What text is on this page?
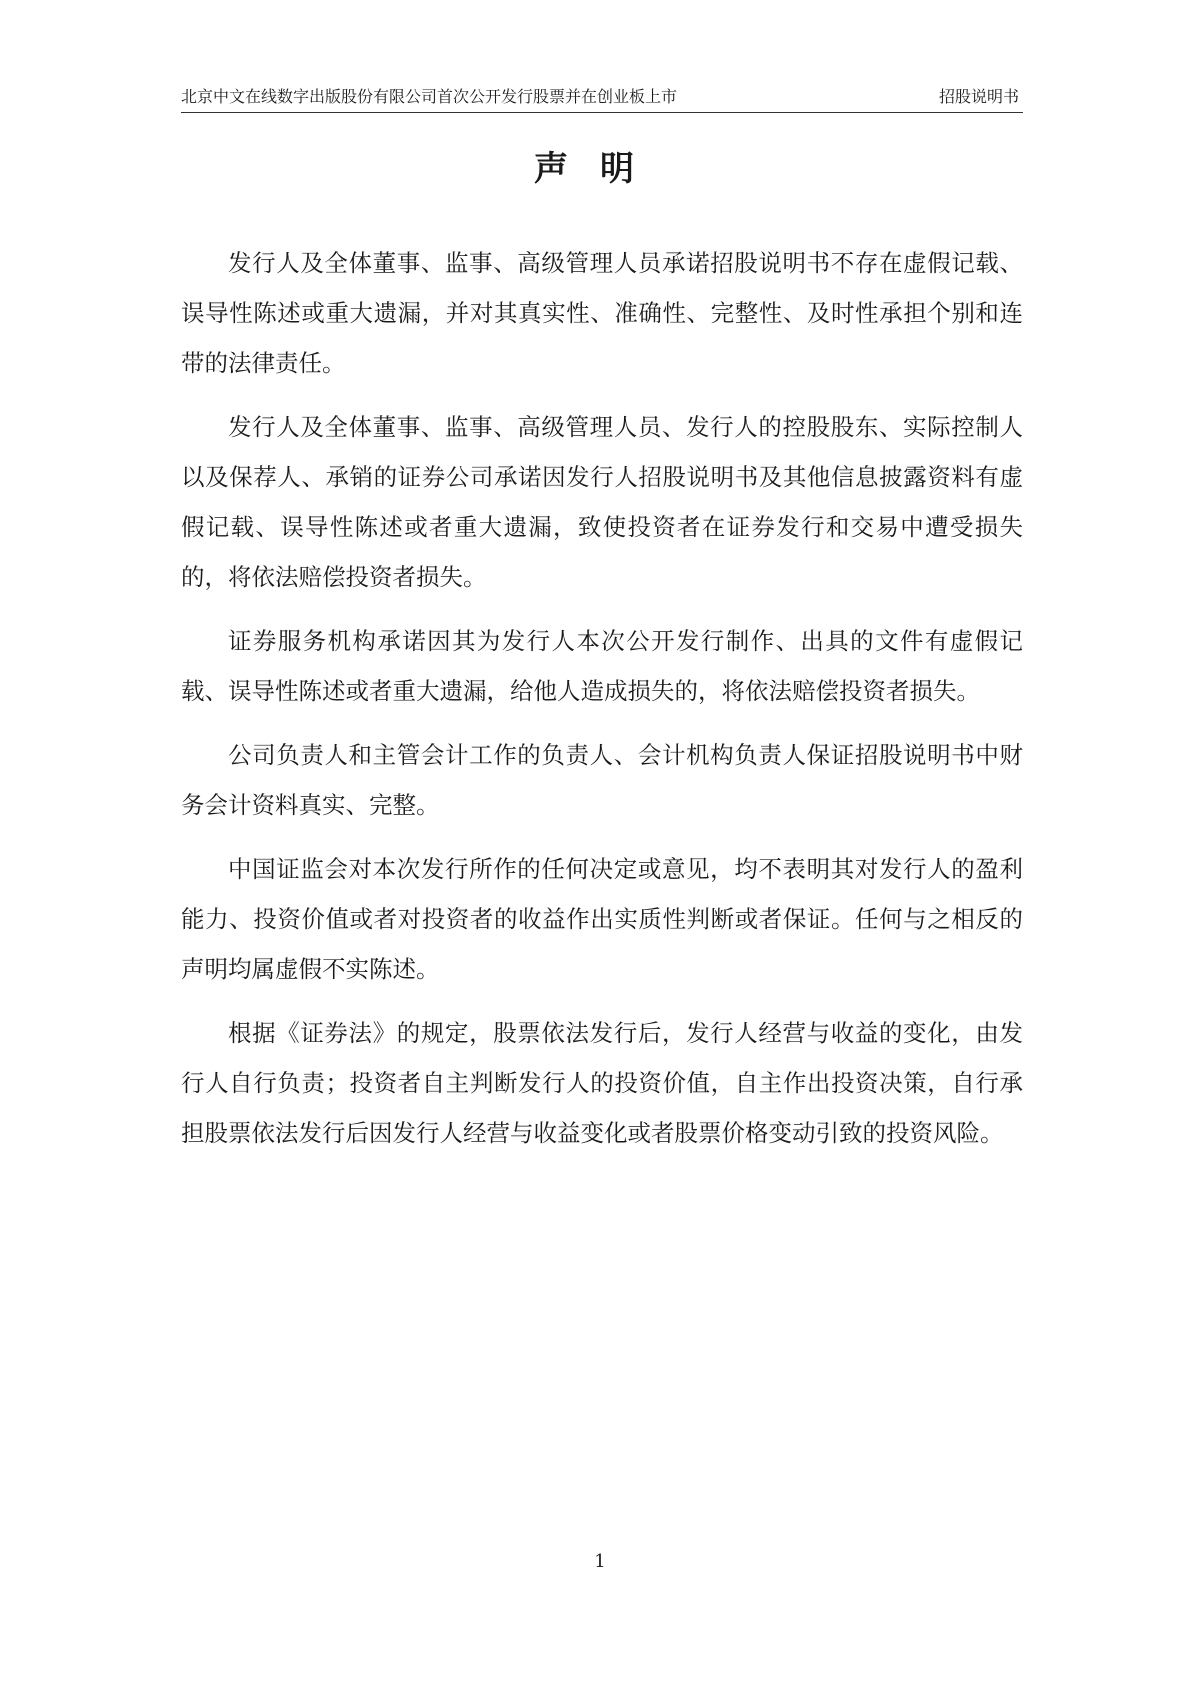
北京中文在线数字出版股份有限公司首次公开发行股票并在创业板上市	招股说明书
声明

发行人及全体董事、监事、高级管理人员承诺招股说明书不存在虚假记载、误导性陈述或重大遗漏，并对其真实性、准确性、完整性、及时性承担个别和连带的法律责任。

发行人及全体董事、监事、高级管理人员、发行人的控股股东、实际控制人以及保荐人、承销的证券公司承诺因发行人招股说明书及其他信息披露资料有虚假记载、误导性陈述或者重大遗漏，致使投资者在证券发行和交易中遭受损失的，将依法赔偿投资者损失。

证券服务机构承诺因其为发行人本次公开发行制作、出具的文件有虚假记载、误导性陈述或者重大遗漏，给他人造成损失的，将依法赔偿投资者损失。

公司负责人和主管会计工作的负责人、会计机构负责人保证招股说明书中财务会计资料真实、完整。

中国证监会对本次发行所作的任何决定或意见，均不表明其对发行人的盈利能力、投资价值或者对投资者的收益作出实质性判断或者保证。任何与之相反的声明均属虚假不实陈述。

根据《证券法》的规定，股票依法发行后，发行人经营与收益的变化，由发行人自行负责；投资者自主判断发行人的投资价值，自主作出投资决策，自行承担股票依法发行后因发行人经营与收益变化或者股票价格变动引致的投资风险。

1
